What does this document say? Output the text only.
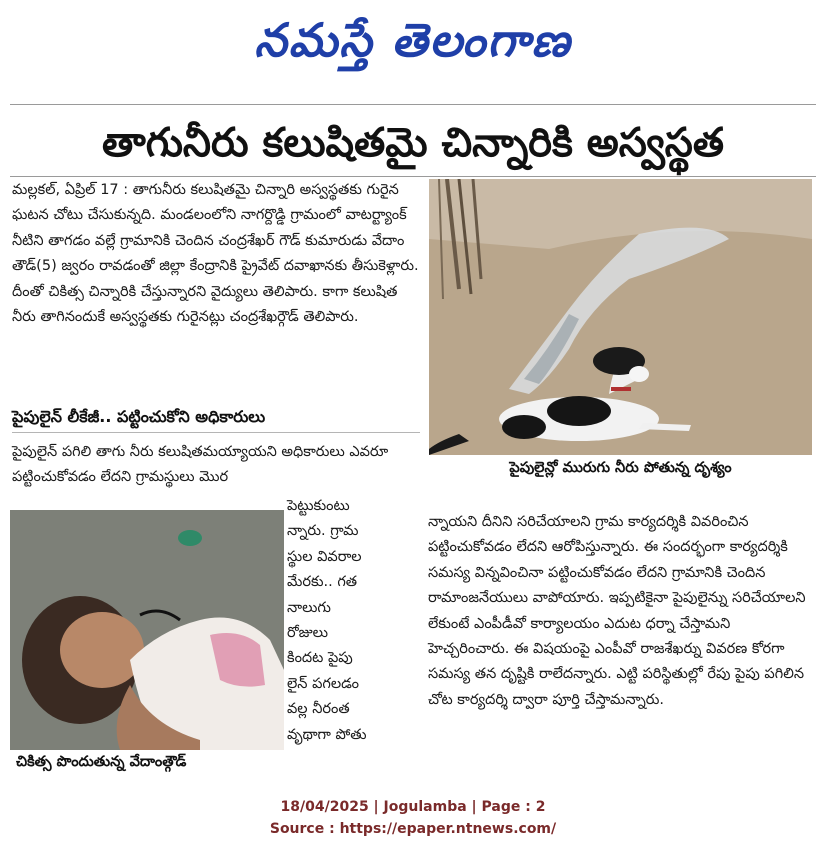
నమస్తే తెలంగాణ
తాగునీరు కలుషితమై చిన్నారికి అస్వస్థత
మల్లకల్, ఏప్రిల్ 17 : తాగునీరు కలుషితమై చిన్నారి అస్వస్థతకు గురైన ఘటన చోటు చేసుకున్నది. మండలంలోని నాగర్దొడ్డి గ్రామంలో వాటర్ట్యాంక్ నీటిని తాగడం వల్లే గ్రామానికి చెందిన చంద్రశేఖర్ గౌడ్ కుమారుడు వేదాం తౌడ్(5) జ్వరం రావడంతో జిల్లా కేంద్రానికి ప్రైవేట్ దవాఖానకు తీసుకెళ్లారు. దీంతో చికిత్స చిన్నారికి చేస్తున్నారని వైద్యులు తెలిపారు. కాగా కలుషిత నీరు తాగినందుకే అస్వస్థతకు గురైనట్లు చంద్రశేఖర్గౌడ్ తెలిపారు.
పైపులైన్ లీకేజీ.. పట్టించుకోని అధికారులు
పైపులైన్ పగిలి తాగు నీరు కలుషితమయ్యాయని అధికారులు ఎవరూ పట్టించుకోవడం లేదని గ్రామస్థులు మొర
పెట్టుకుంటు
న్నారు. గ్రామ
స్థుల వివరాల
మేరకు.. గత
నాలుగు
రోజులు
కిందట పైపు
లైన్ పగలడం
వల్ల నీరంత
వృథాగా పోతు
పైపులైన్లో మురుగు నీరు పోతున్న దృశ్యం
చికిత్స పొందుతున్న వేదాంత్గౌడ్
న్నాయని దీనిని సరిచేయాలని గ్రామ కార్యదర్శికి వివరించిన పట్టించుకోవడం లేదని ఆరోపిస్తున్నారు. ఈ సందర్భంగా కార్యదర్శికి సమస్య విన్నవించినా పట్టించుకోవడం లేదని గ్రామానికి చెందిన రామాంజనేయులు వాపోయారు. ఇప్పటికైనా పైపులైన్ను సరిచేయాలని లేకుంటే ఎంపీడీవో కార్యాలయం ఎదుట ధర్నా చేస్తామని హెచ్చరించారు. ఈ విషయంపై ఎంపీవో రాజశేఖర్ను వివరణ కోరగా సమస్య తన దృష్టికి రాలేదన్నారు. ఎట్టి పరిస్థితుల్లో రేపు పైపు పగిలిన చోట కార్యదర్శి ద్వారా పూర్తి చేస్తామన్నారు.
18/04/2025 | Jogulamba | Page : 2
Source : https://epaper.ntnews.com/
